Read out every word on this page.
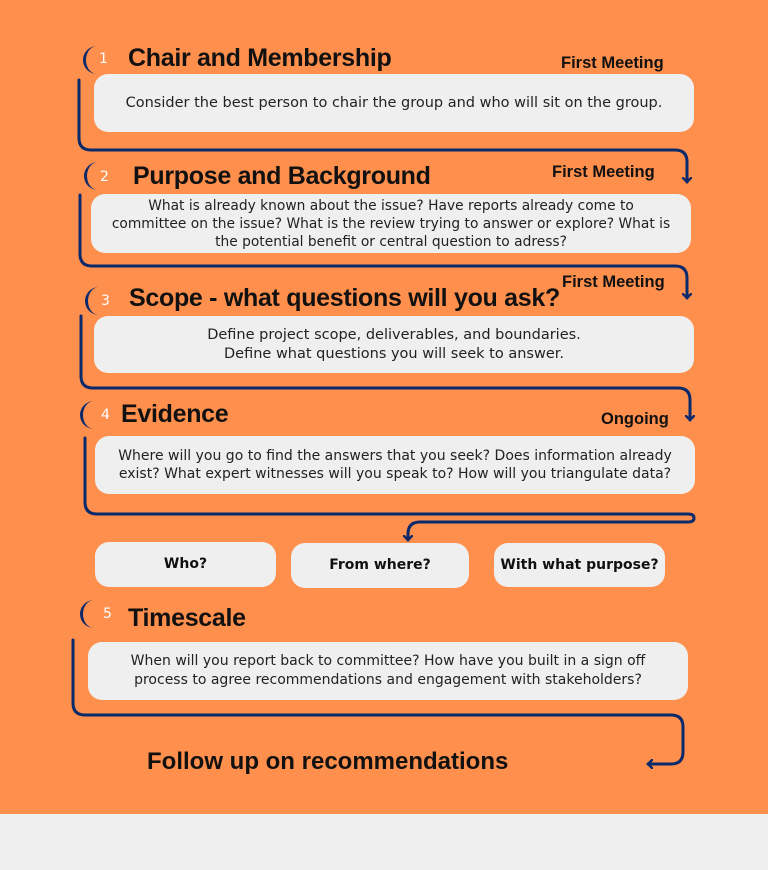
1 Chair and Membership	First Meeting
Consider the best person to chair the group and who will sit on the group.
2 Purpose and Background	First Meeting
What is already known about the issue? Have reports already come to committee on the issue? What is the review trying to answer or explore? What is the potential benefit or central question to adress?
3 Scope - what questions will you ask?
First Meeting
Define project scope, deliverables, and boundaries.
Define what questions you will seek to answer.
4 Evidence	Ongoing
Where will you go to find the answers that you seek? Does information already exist? What expert witnesses will you speak to? How will you triangulate data?
Who?	From where?	With what purpose?
5 Timescale
When will you report back to committee? How have you built in a sign off process to agree recommendations and engagement with stakeholders?
Follow up on recommendations
